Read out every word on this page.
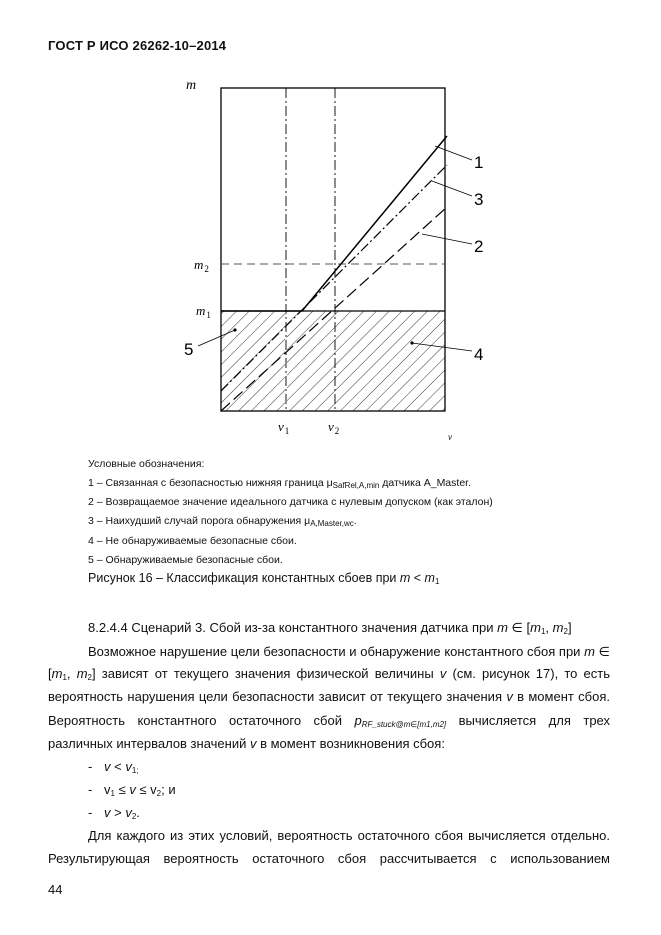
ГОСТ Р ИСО 26262-10–2014
m
v
$m_2$
$m_1$
$v_1$	$v_2$
1
3
2
4
5
Условные обозначения:
1 – Связанная с безопасностью нижняя граница $\mu_{SafRel,A,min}$ датчика A_Master.
2 – Возвращаемое значение идеального датчика с нулевым допуском (как эталон)
3 – Наихудший случай порога обнаружения $\mu_{A,Master,wc}$.
4 – Не обнаруживаемые безопасные сбои.
5 – Обнаруживаемые безопасные сбои.
Рисунок 16 – Классификация константных сбоев при $m < m_1$
8.2.4.4 Сценарий 3. Сбой из-за константного значения датчика при m ∈ [$m_1$, $m_2$]
Возможное нарушение цели безопасности и обнаружение константного сбоя при m ∈
[$m_1$, $m_2$] зависят от текущего значения физической величины v (см. рисунок 17), то есть
вероятность нарушения цели безопасности зависит от текущего значения v в момент сбоя.
Вероятность константного остаточного сбой $p_{RF\_stuck@m\in[m1,m2]}$ вычисляется для трех
различных интервалов значений v в момент возникновения сбоя:
- $v < v_{1;}$
- $v_1 \le v \le v_2$; и
- $v > v_2$.
Для каждого из этих условий, вероятность остаточного сбоя вычисляется отдельно.
Результирующая вероятность остаточного сбоя рассчитывается с использованием
44
